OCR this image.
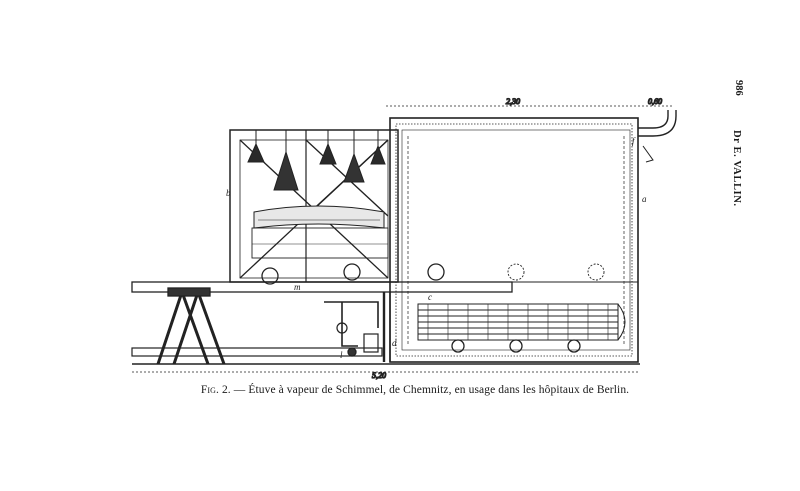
986
Dr E. VALLIN.
2,30	0,60
5,20
b
a
m
f
d
c
l
Fig. 2. — Étuve à vapeur de Schimmel, de Chemnitz, en usage dans les hôpitaux de Berlin.
